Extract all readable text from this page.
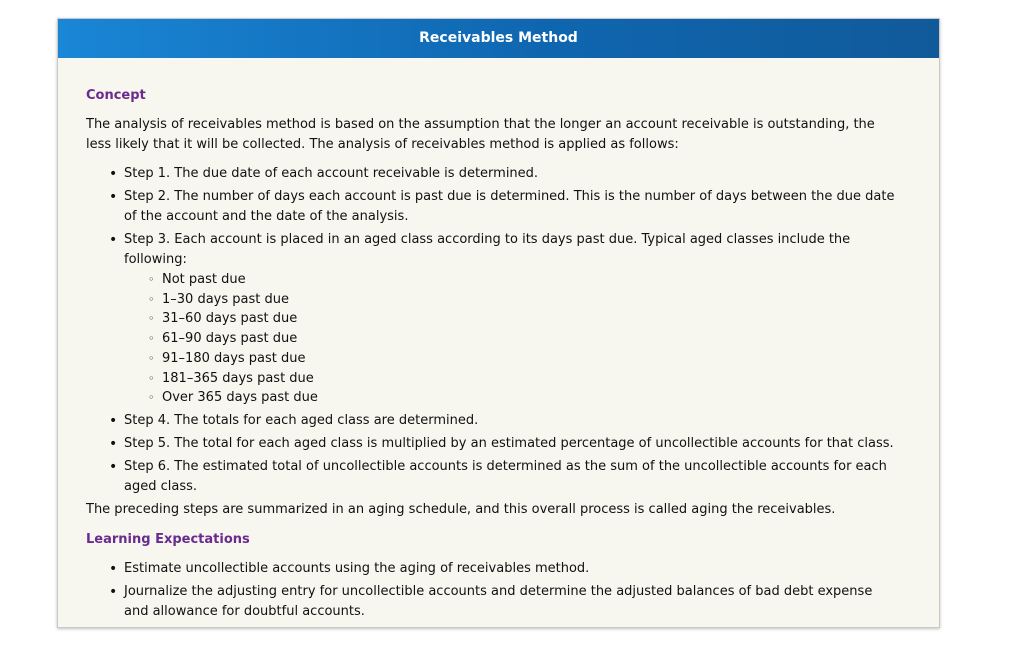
Receivables Method
Concept

The analysis of receivables method is based on the assumption that the longer an account receivable is outstanding, the less likely that it will be collected. The analysis of receivables method is applied as follows:

• Step 1. The due date of each account receivable is determined.
• Step 2. The number of days each account is past due is determined. This is the number of days between the due date of the account and the date of the analysis.
• Step 3. Each account is placed in an aged class according to its days past due. Typical aged classes include the following:
◦ Not past due
◦ 1–30 days past due
◦ 31–60 days past due
◦ 61–90 days past due
◦ 91–180 days past due
◦ 181–365 days past due
◦ Over 365 days past due
• Step 4. The totals for each aged class are determined.
• Step 5. The total for each aged class is multiplied by an estimated percentage of uncollectible accounts for that class.
• Step 6. The estimated total of uncollectible accounts is determined as the sum of the uncollectible accounts for each aged class.

The preceding steps are summarized in an aging schedule, and this overall process is called aging the receivables.

Learning Expectations
• Estimate uncollectible accounts using the aging of receivables method.
• Journalize the adjusting entry for uncollectible accounts and determine the adjusted balances of bad debt expense and allowance for doubtful accounts.
